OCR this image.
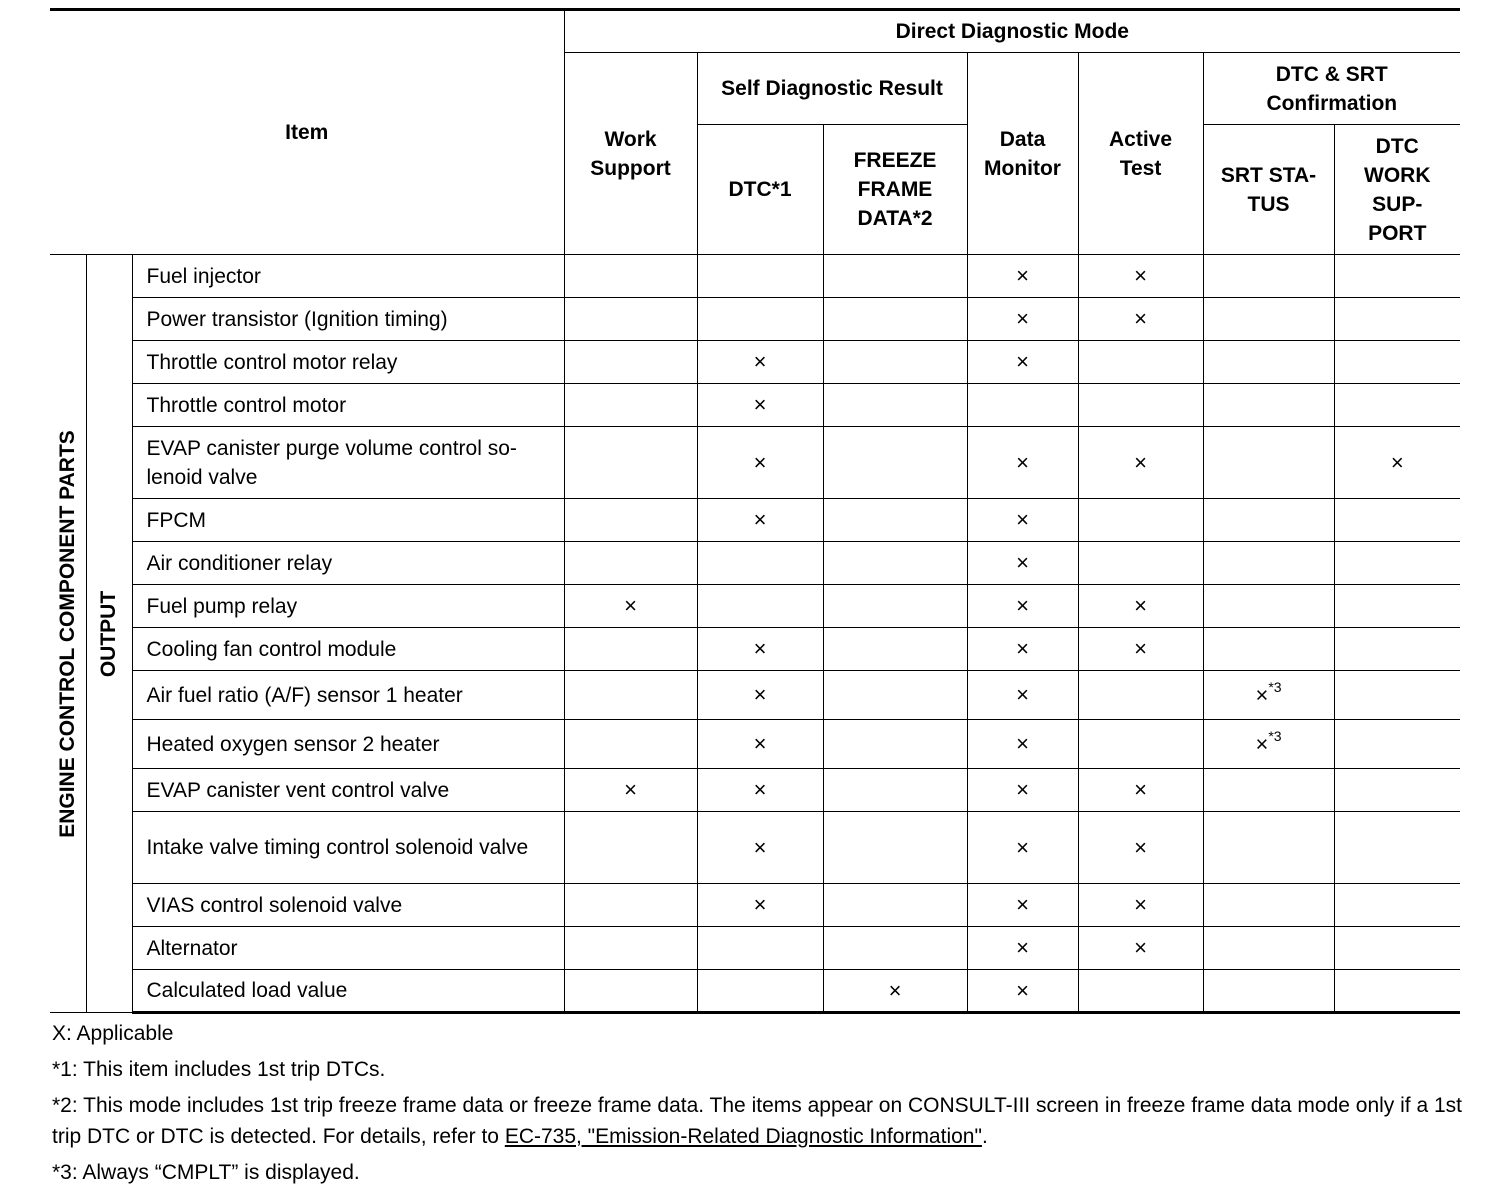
Item			Direct Diagnostic Mode						
			Work Support	Self Diagnostic Result		Data Monitor	Active Test	DTC & SRT Confirmation	
				DTC*1	FREEZE FRAME DATA*2			SRT STA-TUS	DTC WORK SUP-PORT

ENGINE CONTROL COMPONENT PARTS	OUTPUT	Fuel injector				×	×		
		Power transistor (Ignition timing)				×	×		
		Throttle control motor relay		×		×			
		Throttle control motor		×					
		EVAP canister purge volume control so-lenoid valve		×		×	×		×
		FPCM		×		×			
		Air conditioner relay				×			
		Fuel pump relay	×			×	×		
		Cooling fan control module		×		×	×		
		Air fuel ratio (A/F) sensor 1 heater		×		×		×$^{*3}$	
		Heated oxygen sensor 2 heater		×		×		×$^{*3}$	
		EVAP canister vent control valve	×	×		×	×		
		Intake valve timing control solenoid valve		×		×	×		
		VIAS control solenoid valve		×		×	×		
		Alternator				×	×		
		Calculated load value			×	×			

X: Applicable

*1: This item includes 1st trip DTCs.

*2: This mode includes 1st trip freeze frame data or freeze frame data. The items appear on CONSULT-III screen in freeze frame data mode only if a 1st trip DTC or DTC is detected. For details, refer to EC-735, "Emission-Related Diagnostic Information".

*3: Always “CMPLT” is displayed.
